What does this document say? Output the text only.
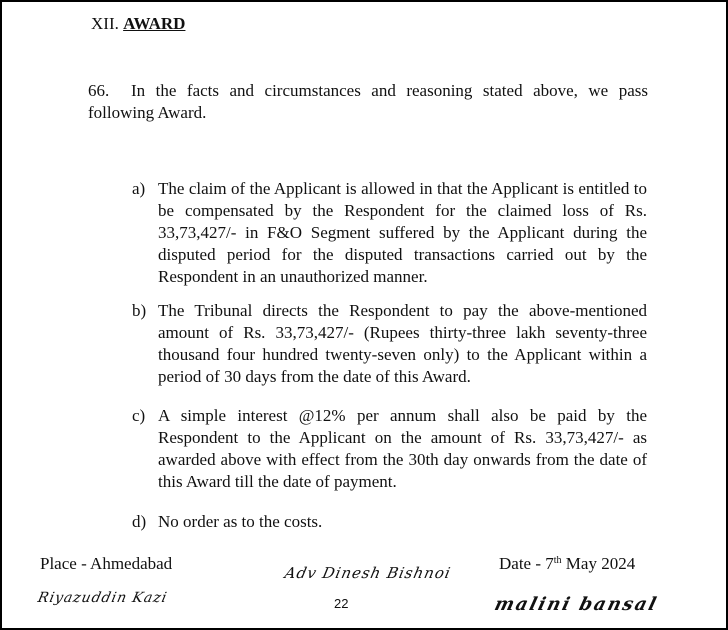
XII. AWARD
66. In the facts and circumstances and reasoning stated above, we pass following Award.
a) The claim of the Applicant is allowed in that the Applicant is entitled to be compensated by the Respondent for the claimed loss of Rs. 33,73,427/- in F&O Segment suffered by the Applicant during the disputed period for the disputed transactions carried out by the Respondent in an unauthorized manner.
b) The Tribunal directs the Respondent to pay the above-mentioned amount of Rs. 33,73,427/- (Rupees thirty-three lakh seventy-three thousand four hundred twenty-seven only) to the Applicant within a period of 30 days from the date of this Award.
c) A simple interest @12% per annum shall also be paid by the Respondent to the Applicant on the amount of Rs. 33,73,427/- as awarded above with effect from the 30th day onwards from the date of this Award till the date of payment.
d) No order as to the costs.
Place - Ahmedabad	Date - 7th May 2024
Riyazuddin Kazi
Adv Dinesh Bishnoi
malini bansal
22
